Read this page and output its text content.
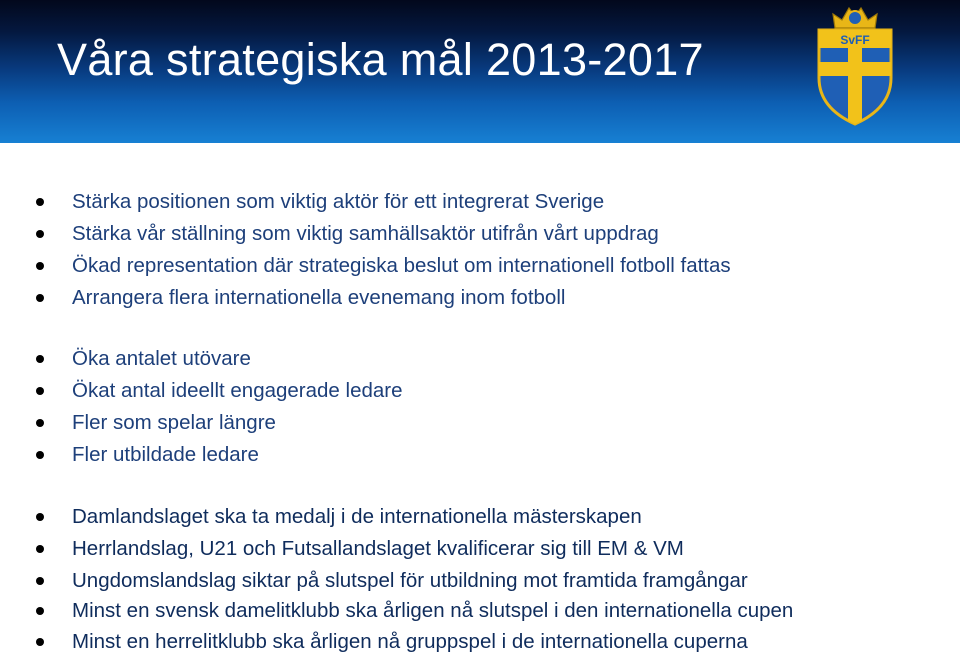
Våra strategiska mål 2013-2017	SvFF
Stärka positionen som viktig aktör för ett integrerat Sverige
Stärka vår ställning som viktig samhällsaktör utifrån vårt uppdrag
Ökad representation där strategiska beslut om internationell fotboll fattas
Arrangera flera internationella evenemang inom fotboll
Öka antalet utövare
Ökat antal ideellt engagerade ledare
Fler som spelar längre
Fler utbildade ledare
Damlandslaget ska ta medalj i de internationella mästerskapen
Herrlandslag, U21 och Futsallandslaget kvalificerar sig till EM & VM
Ungdomslandslag siktar på slutspel för utbildning mot framtida framgångar
Minst en svensk damelitklubb ska årligen nå slutspel i den internationella cupen
Minst en herrelitklubb ska årligen nå gruppspel i de internationella cuperna
